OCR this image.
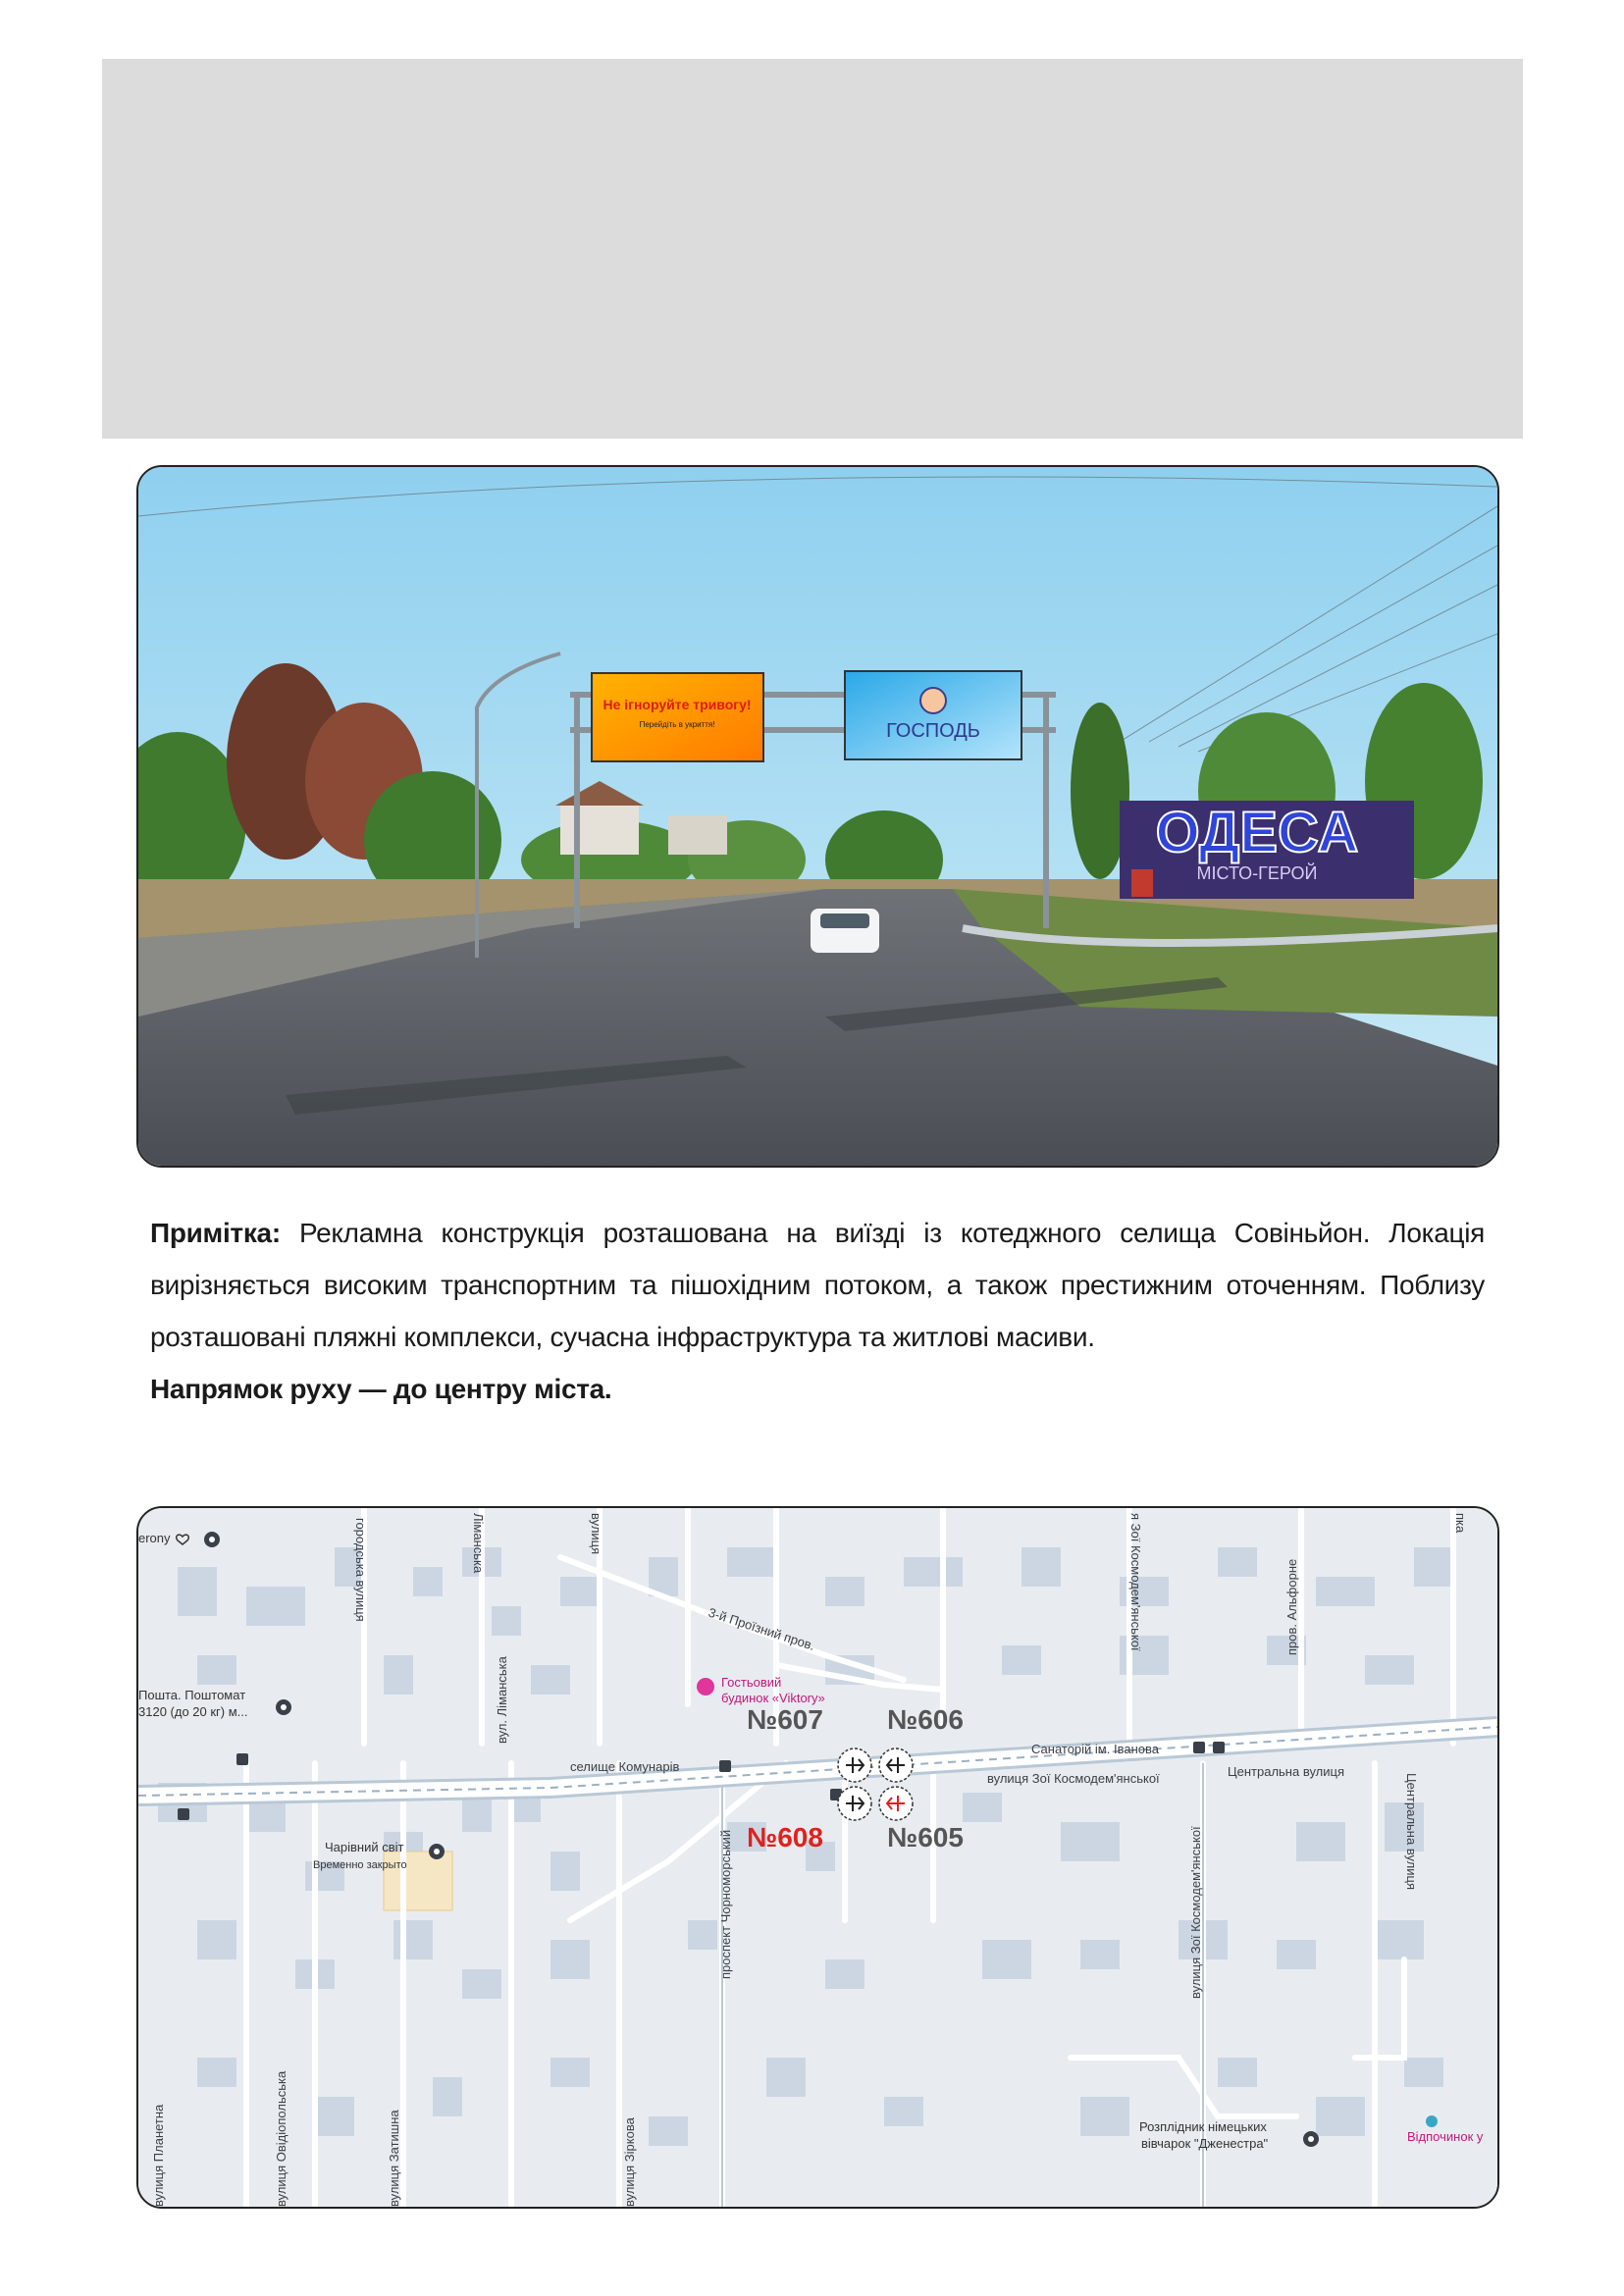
Не ігноруйте тривогу!
Перейдіть в укриття!	ГОСПОДЬ
ОДЕСА
МІСТО-ГЕРОЙ
Примітка: Рекламна конструкція розташована на виїзді із котеджного селища Совіньйон. Локація вирізняється високим транспортним та пішохідним потоком, а також престижним оточенням. Поблизу розташовані пляжні комплекси, сучасна інфраструктура та житлові масиви.
Напрямок руху — до центру міста.
городська вулиця	Ліманська	вулиця
вул. Ліманська
3-й Проїзний пров.
селище Комунарів
Санаторій ім. Іванова
вулиця Зої Космодем'янської	Центральна вулиця
проспект Чорноморський	вулиця Зої Космодем'янської	Центральна вулиця
вулиця Планетна	вулиця Овідіопольська	вулиця Затишна	вулиця Зіркова
пров. Альфорне
я Зої Космодем'янської	пка
erony
Пошта. Поштомат
3120 (до 20 кг) м...
Гостьовий
будинок «Viktory»
Чарівний світ
Временно закрыто
Розплідник німецьких
вівчарок "Дженестра"	Відпочинок у
№607 №606
№608 №605
